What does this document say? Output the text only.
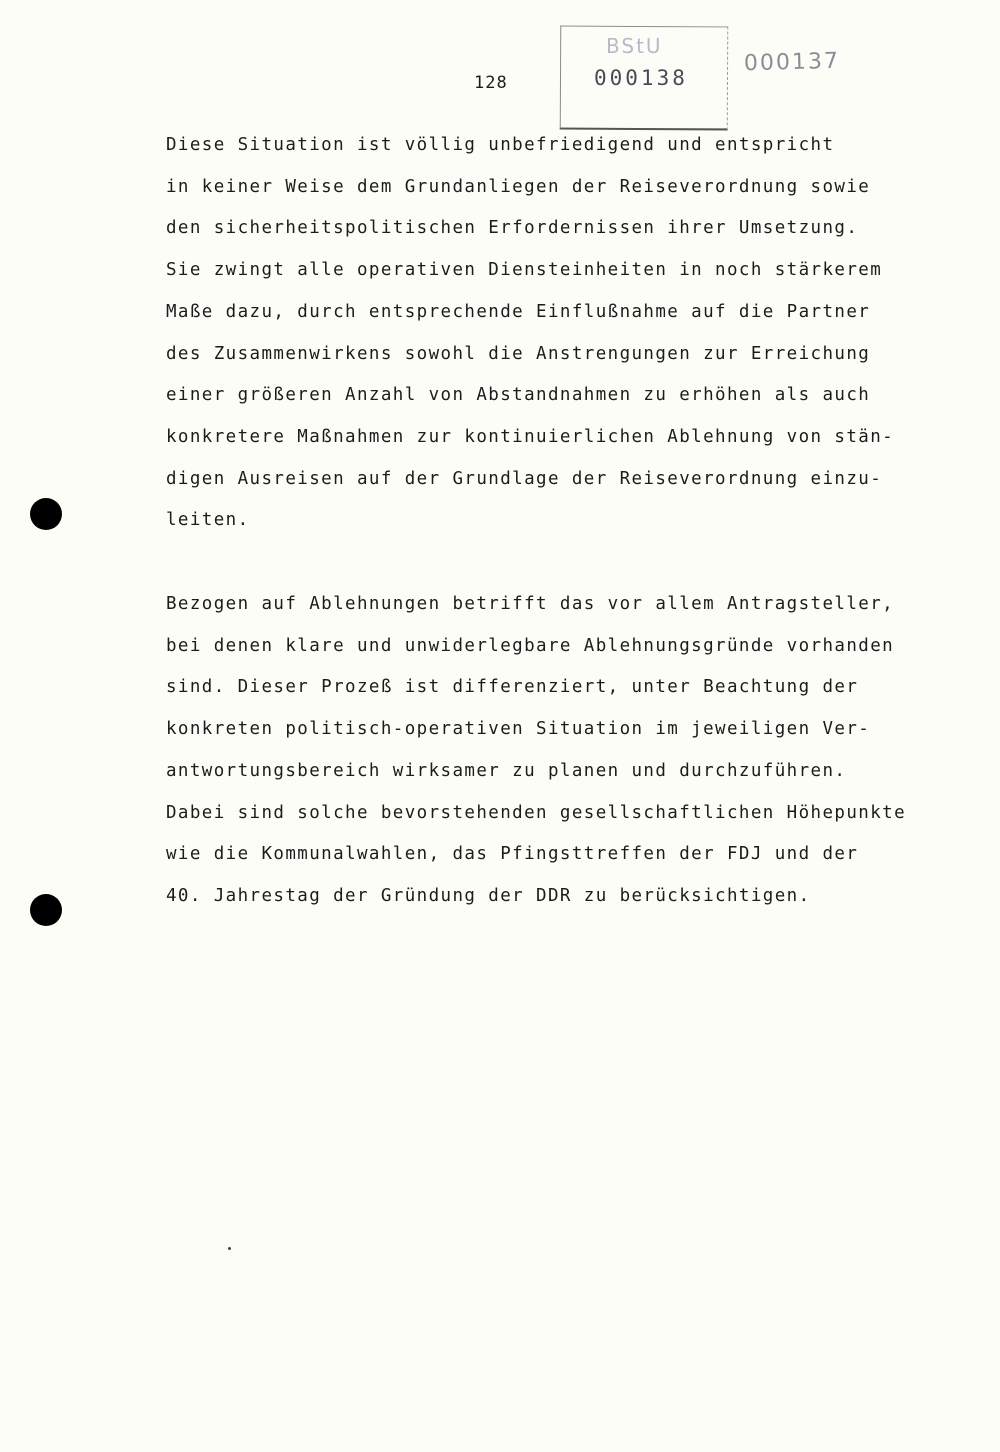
128
BStU
000138
000137
Diese Situation ist völlig unbefriedigend und entspricht
in keiner Weise dem Grundanliegen der Reiseverordnung sowie
den sicherheitspolitischen Erfordernissen ihrer Umsetzung.
Sie zwingt alle operativen Diensteinheiten in noch stärkerem
Maße dazu, durch entsprechende Einflußnahme auf die Partner
des Zusammenwirkens sowohl die Anstrengungen zur Erreichung
einer größeren Anzahl von Abstandnahmen zu erhöhen als auch
konkretere Maßnahmen zur kontinuierlichen Ablehnung von stän-
digen Ausreisen auf der Grundlage der Reiseverordnung einzu-
leiten.
Bezogen auf Ablehnungen betrifft das vor allem Antragsteller,
bei denen klare und unwiderlegbare Ablehnungsgründe vorhanden
sind. Dieser Prozeß ist differenziert, unter Beachtung der
konkreten politisch-operativen Situation im jeweiligen Ver-
antwortungsbereich wirksamer zu planen und durchzuführen.
Dabei sind solche bevorstehenden gesellschaftlichen Höhepunkte
wie die Kommunalwahlen, das Pfingsttreffen der FDJ und der
40. Jahrestag der Gründung der DDR zu berücksichtigen.
